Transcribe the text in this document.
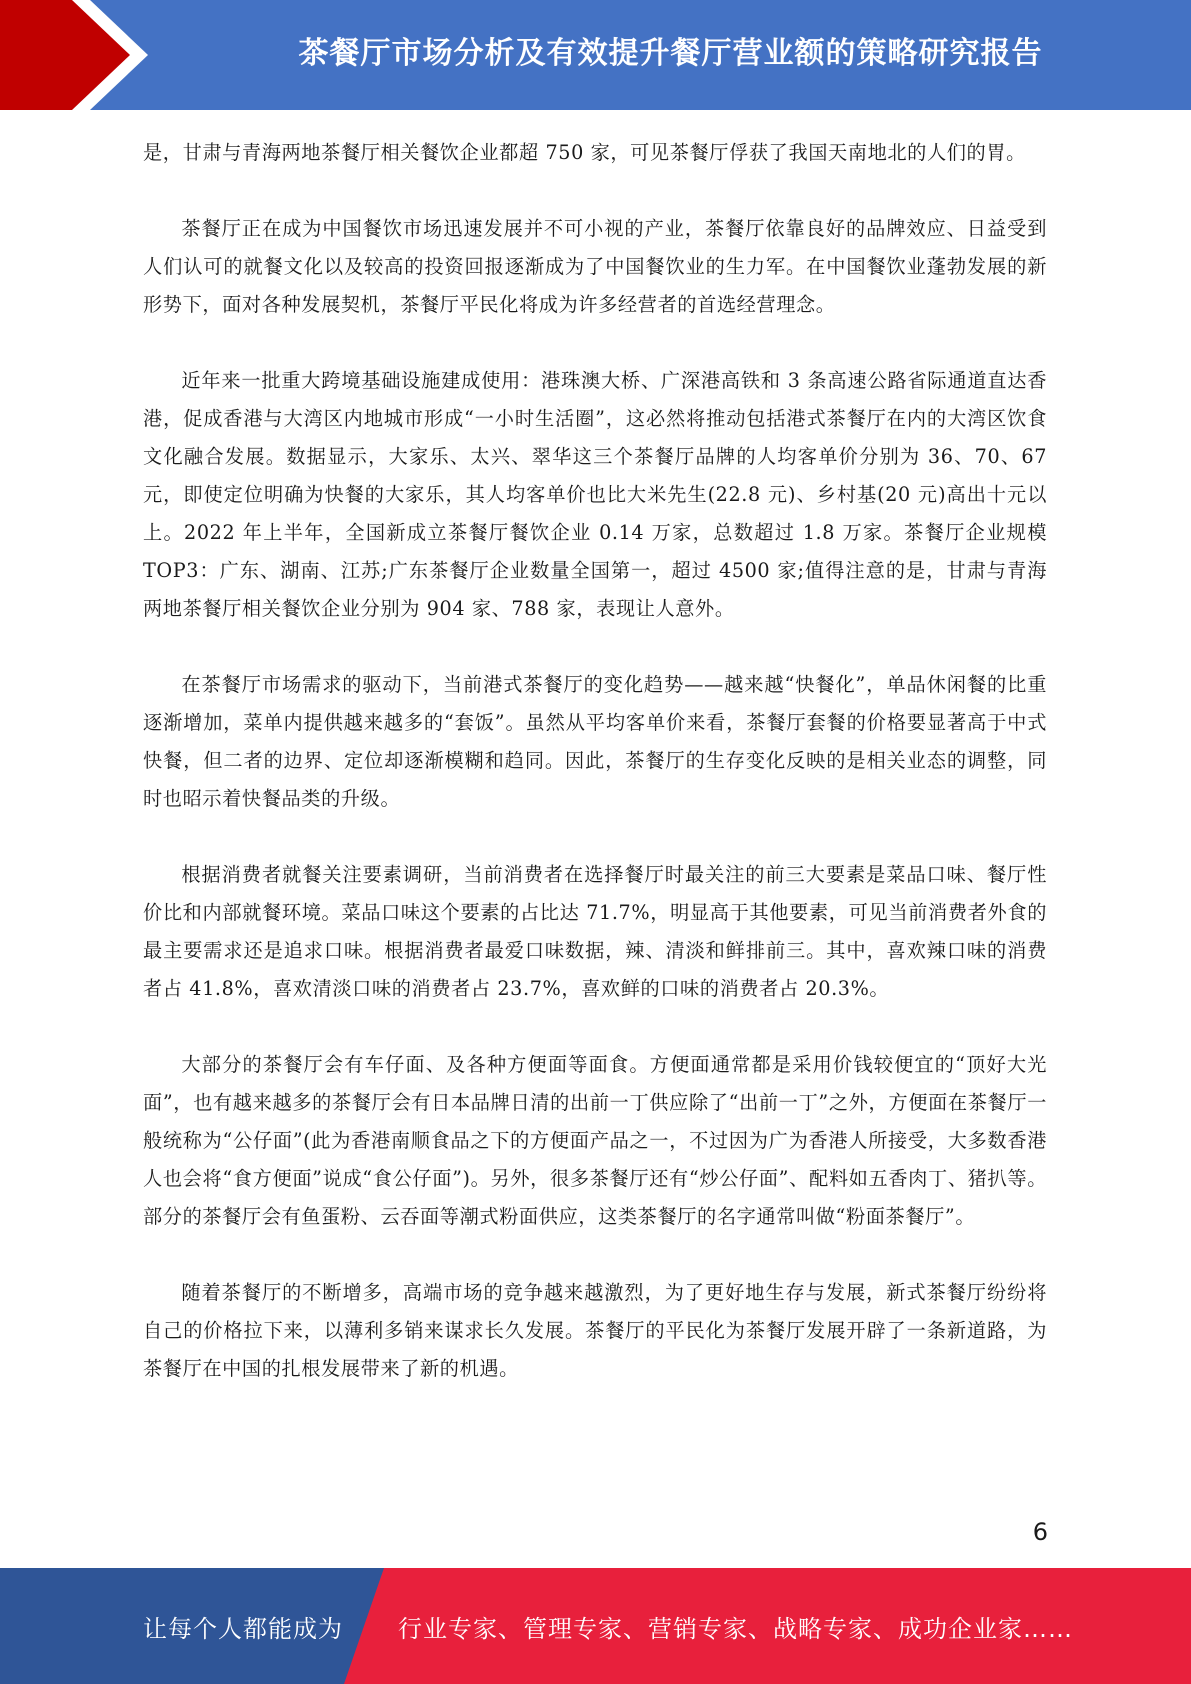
茶餐厅市场分析及有效提升餐厅营业额的策略研究报告

是，甘肃与青海两地茶餐厅相关餐饮企业都超 750 家，可见茶餐厅俘获了我国天南地北的人们的胃。

茶餐厅正在成为中国餐饮市场迅速发展并不可小视的产业，茶餐厅依靠良好的品牌效应、日益受到人们认可的就餐文化以及较高的投资回报逐渐成为了中国餐饮业的生力军。在中国餐饮业蓬勃发展的新形势下，面对各种发展契机，茶餐厅平民化将成为许多经营者的首选经营理念。

近年来一批重大跨境基础设施建成使用：港珠澳大桥、广深港高铁和 3 条高速公路省际通道直达香港，促成香港与大湾区内地城市形成“一小时生活圈”，这必然将推动包括港式茶餐厅在内的大湾区饮食文化融合发展。数据显示，大家乐、太兴、翠华这三个茶餐厅品牌的人均客单价分别为 36、70、67 元，即使定位明确为快餐的大家乐，其人均客单价也比大米先生(22.8 元)、乡村基(20 元)高出十元以上。2022 年上半年，全国新成立茶餐厅餐饮企业 0.14 万家，总数超过 1.8 万家。茶餐厅企业规模 TOP3：广东、湖南、江苏;广东茶餐厅企业数量全国第一，超过 4500 家;值得注意的是，甘肃与青海两地茶餐厅相关餐饮企业分别为 904 家、788 家，表现让人意外。

在茶餐厅市场需求的驱动下，当前港式茶餐厅的变化趋势——越来越“快餐化”，单品休闲餐的比重逐渐增加，菜单内提供越来越多的“套饭”。虽然从平均客单价来看，茶餐厅套餐的价格要显著高于中式快餐，但二者的边界、定位却逐渐模糊和趋同。因此，茶餐厅的生存变化反映的是相关业态的调整，同时也昭示着快餐品类的升级。

根据消费者就餐关注要素调研，当前消费者在选择餐厅时最关注的前三大要素是菜品口味、餐厅性价比和内部就餐环境。菜品口味这个要素的占比达 71.7%，明显高于其他要素，可见当前消费者外食的最主要需求还是追求口味。根据消费者最爱口味数据，辣、清淡和鲜排前三。其中，喜欢辣口味的消费者占 41.8%，喜欢清淡口味的消费者占 23.7%，喜欢鲜的口味的消费者占 20.3%。

大部分的茶餐厅会有车仔面、及各种方便面等面食。方便面通常都是采用价钱较便宜的“顶好大光面”，也有越来越多的茶餐厅会有日本品牌日清的出前一丁供应除了“出前一丁”之外，方便面在茶餐厅一般统称为“公仔面”(此为香港南顺食品之下的方便面产品之一，不过因为广为香港人所接受，大多数香港人也会将“食方便面”说成“食公仔面”)。另外，很多茶餐厅还有“炒公仔面”、配料如五香肉丁、猪扒等。部分的茶餐厅会有鱼蛋粉、云吞面等潮式粉面供应，这类茶餐厅的名字通常叫做“粉面茶餐厅”。

随着茶餐厅的不断增多，高端市场的竞争越来越激烈，为了更好地生存与发展，新式茶餐厅纷纷将自己的价格拉下来，以薄利多销来谋求长久发展。茶餐厅的平民化为茶餐厅发展开辟了一条新道路，为茶餐厅在中国的扎根发展带来了新的机遇。

6
让每个人都能成为 行业专家、管理专家、营销专家、战略专家、成功企业家……
